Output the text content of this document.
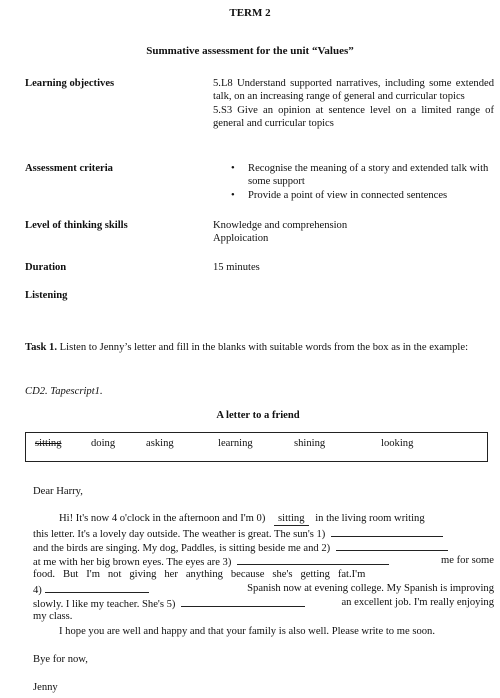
TERM 2
Summative assessment for the unit “Values”
Learning objectives	5.L8 Understand supported narratives, including some extended talk, on an increasing range of general and curricular topics
5.S3 Give an opinion at sentence level on a limited range of general and curricular topics
Assessment criteria
•	Recognise the meaning of a story and extended talk with some support
• Provide a point of view in connected sentences
Level of thinking skills	Knowledge and comprehension
Apploication
Duration	15 minutes
Listening
Task 1. Listen to Jenny’s letter and fill in the blanks with suitable words from the box as in the example:
CD2. Tapescript1.
A letter to a friend
sitting	doing	asking	learning	shining	looking
Dear Harry,
Hi! It's now 4 o'clock in the afternoon and I'm 0) sitting in the living room writing
this letter. It's a lovely day outside. The weather is great. The sun's 1)
and the birds are singing. My dog, Paddles, is sitting beside me and 2)
at me with her big brown eyes. The eyes are 3)	me for some
food.   But   I'm   not   giving   her   anything   because   she's   getting   fat.I'm
4)	Spanish now at evening college. My Spanish is improving
slowly. I like my teacher. She's 5)	an excellent job. I'm really enjoying
my class.
I hope you are well and happy and that your family is also well. Please write to me soon.
Bye for now,
Jenny
